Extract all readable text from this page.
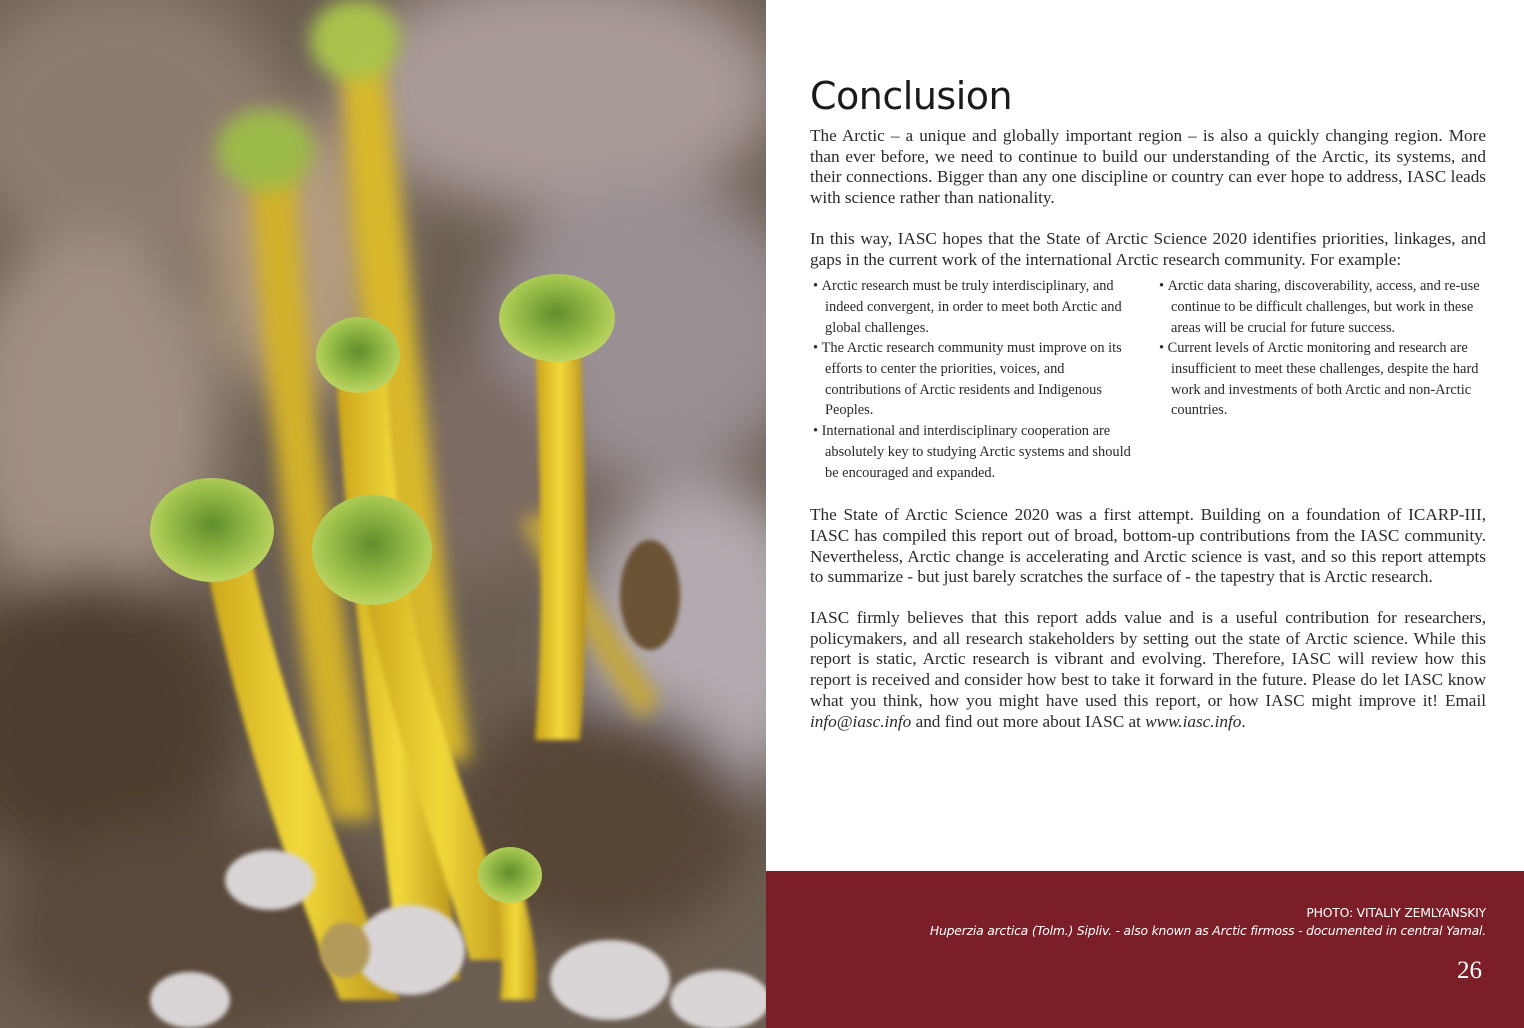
Conclusion

The Arctic – a unique and globally important region – is also a quickly changing region. More than ever before, we need to continue to build our understanding of the Arctic, its systems, and their connections. Bigger than any one discipline or country can ever hope to address, IASC leads with science rather than nationality.

In this way, IASC hopes that the State of Arctic Science 2020 identifies priorities, linkages, and gaps in the current work of the international Arctic research community. For example:

• Arctic research must be truly interdisciplinary, and indeed convergent, in order to meet both Arctic and global challenges.
• The Arctic research community must improve on its efforts to center the priorities, voices, and contributions of Arctic residents and Indigenous Peoples.
• International and interdisciplinary cooperation are absolutely key to studying Arctic systems and should be encouraged and expanded.
• Arctic data sharing, discoverability, access, and re-use continue to be difficult challenges, but work in these areas will be crucial for future success.
• Current levels of Arctic monitoring and research are insufficient to meet these challenges, despite the hard work and investments of both Arctic and non-Arctic countries.

The State of Arctic Science 2020 was a first attempt. Building on a foundation of ICARP-III, IASC has compiled this report out of broad, bottom-up contributions from the IASC community. Nevertheless, Arctic change is accelerating and Arctic science is vast, and so this report attempts to summarize - but just barely scratches the surface of - the tapestry that is Arctic research.

IASC firmly believes that this report adds value and is a useful contribution for researchers, policymakers, and all research stakeholders by setting out the state of Arctic science. While this report is static, Arctic research is vibrant and evolving. Therefore, IASC will review how this report is received and consider how best to take it forward in the future. Please do let IASC know what you think, how you might have used this report, or how IASC might improve it! Email info@iasc.info and find out more about IASC at www.iasc.info.

PHOTO: VITALIY ZEMLYANSKIY
Huperzia arctica (Tolm.) Sipliv. - also known as Arctic firmoss - documented in central Yamal.
26
